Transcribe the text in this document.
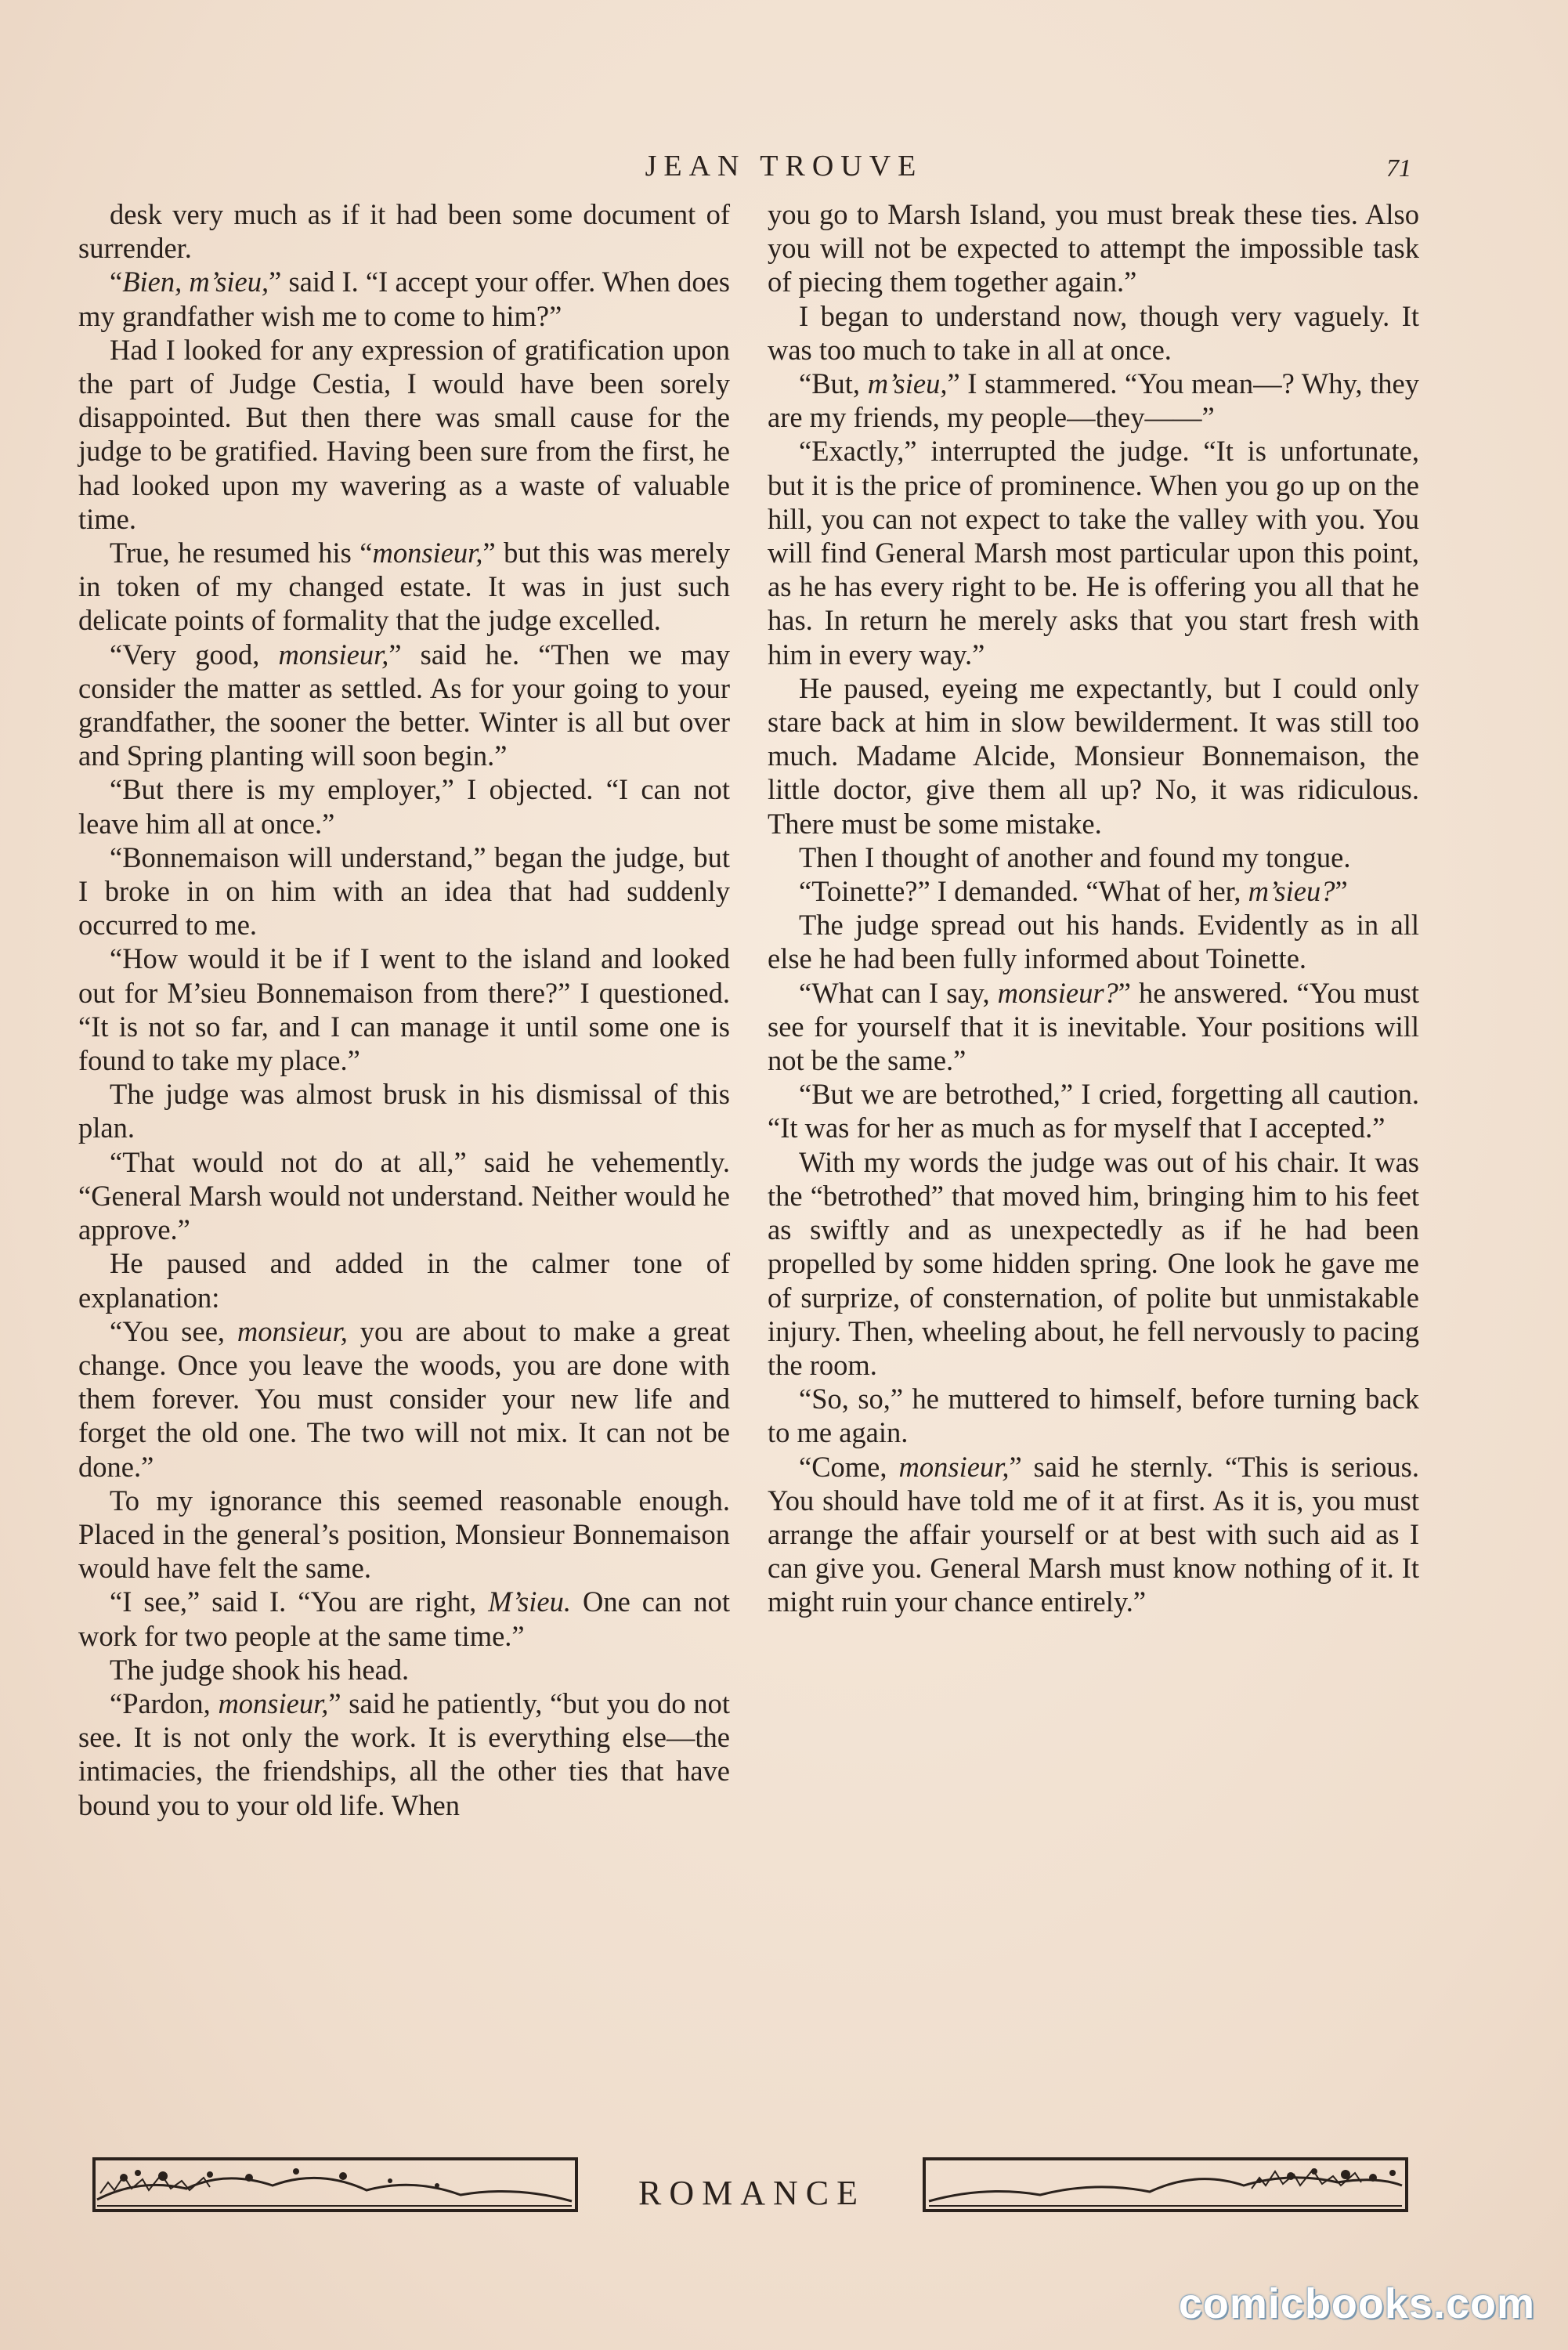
JEAN TROUVE	71

desk very much as if it had been some document of surrender.

“Bien, m’sieu,” said I. “I accept your offer. When does my grandfather wish me to come to him?”

Had I looked for any expression of gratification upon the part of Judge Cestia, I would have been sorely disappointed. But then there was small cause for the judge to be gratified. Having been sure from the first, he had looked upon my wavering as a waste of valuable time.

True, he resumed his “monsieur,” but this was merely in token of my changed estate. It was in just such delicate points of formality that the judge excelled.

“Very good, monsieur,” said he. “Then we may consider the matter as settled. As for your going to your grandfather, the sooner the better. Winter is all but over and Spring planting will soon begin.”

“But there is my employer,” I objected. “I can not leave him all at once.”

“Bonnemaison will understand,” began the judge, but I broke in on him with an idea that had suddenly occurred to me.

“How would it be if I went to the island and looked out for M’sieu Bonnemaison from there?” I questioned. “It is not so far, and I can manage it until some one is found to take my place.”

The judge was almost brusk in his dismissal of this plan.

“That would not do at all,” said he vehemently. “General Marsh would not understand. Neither would he approve.”

He paused and added in the calmer tone of explanation:

“You see, monsieur, you are about to make a great change. Once you leave the woods, you are done with them forever. You must consider your new life and forget the old one. The two will not mix. It can not be done.”

To my ignorance this seemed reasonable enough. Placed in the general’s position, Monsieur Bonnemaison would have felt the same.

“I see,” said I. “You are right, M’sieu. One can not work for two people at the same time.”

The judge shook his head.

“Pardon, monsieur,” said he patiently, “but you do not see. It is not only the work. It is everything else—the intimacies, the friendships, all the other ties that have bound you to your old life. When

you go to Marsh Island, you must break these ties. Also you will not be expected to attempt the impossible task of piecing them together again.”

I began to understand now, though very vaguely. It was too much to take in all at once.

“But, m’sieu,” I stammered. “You mean—? Why, they are my friends, my people—they——”

“Exactly,” interrupted the judge. “It is unfortunate, but it is the price of prominence. When you go up on the hill, you can not expect to take the valley with you. You will find General Marsh most particular upon this point, as he has every right to be. He is offering you all that he has. In return he merely asks that you start fresh with him in every way.”

He paused, eyeing me expectantly, but I could only stare back at him in slow bewilderment. It was still too much. Madame Alcide, Monsieur Bonnemaison, the little doctor, give them all up? No, it was ridiculous. There must be some mistake.

Then I thought of another and found my tongue.

“Toinette?” I demanded. “What of her, m’sieu?”

The judge spread out his hands. Evidently as in all else he had been fully informed about Toinette.

“What can I say, monsieur?” he answered. “You must see for yourself that it is inevitable. Your positions will not be the same.”

“But we are betrothed,” I cried, forgetting all caution. “It was for her as much as for myself that I accepted.”

With my words the judge was out of his chair. It was the “betrothed” that moved him, bringing him to his feet as swiftly and as unexpectedly as if he had been propelled by some hidden spring. One look he gave me of surprize, of consternation, of polite but unmistakable injury. Then, wheeling about, he fell nervously to pacing the room.

“So, so,” he muttered to himself, before turning back to me again.

“Come, monsieur,” said he sternly. “This is serious. You should have told me of it at first. As it is, you must arrange the affair yourself or at best with such aid as I can give you. General Marsh must know nothing of it. It might ruin your chance entirely.”

ROMANCE
comicbooks.com
